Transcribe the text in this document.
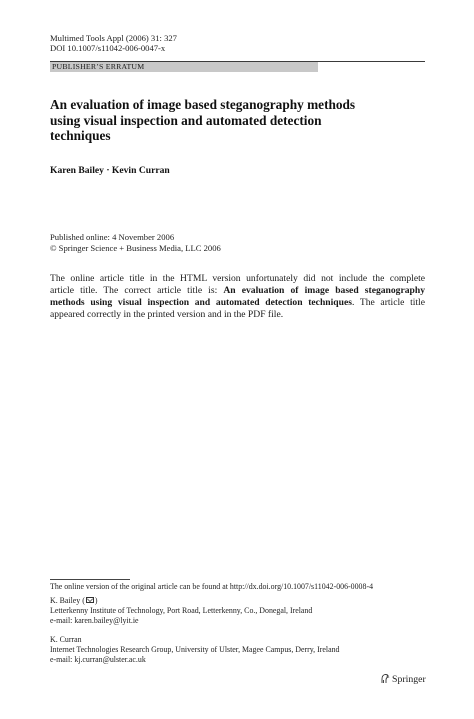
Multimed Tools Appl (2006) 31: 327
DOI 10.1007/s11042-006-0047-x
PUBLISHER’S ERRATUM
An evaluation of image based steganography methods
using visual inspection and automated detection
techniques
Karen Bailey · Kevin Curran
Published online: 4 November 2006
© Springer Science + Business Media, LLC 2006
The online article title in the HTML version unfortunately did not include the complete
article title. The correct article title is: An evaluation of image based steganography
methods using visual inspection and automated detection techniques. The article title
appeared correctly in the printed version and in the PDF file.
The online version of the original article can be found at http://dx.doi.org/10.1007/s11042-006-0008-4
K. Bailey ( )
Letterkenny Institute of Technology, Port Road, Letterkenny, Co., Donegal, Ireland
e-mail: karen.bailey@lyit.ie
K. Curran
Internet Technologies Research Group, University of Ulster, Magee Campus, Derry, Ireland
e-mail: kj.curran@ulster.ac.uk
Springer
